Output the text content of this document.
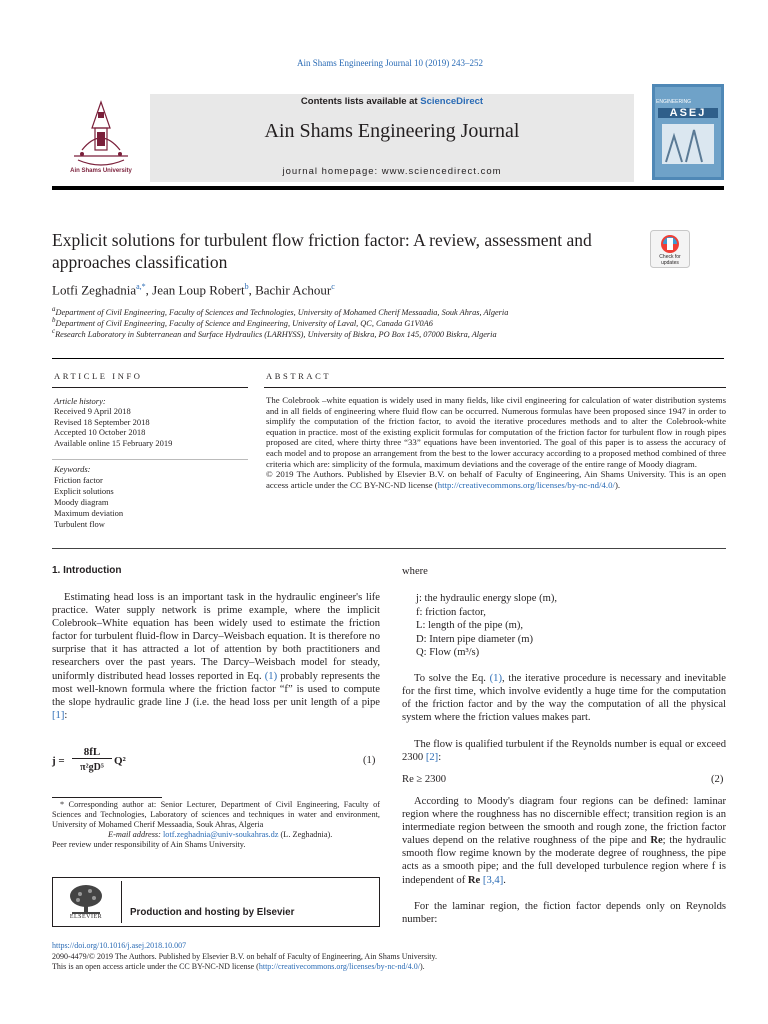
Ain Shams Engineering Journal 10 (2019) 243–252
Ain Shams University
Contents lists available at ScienceDirect
Ain Shams Engineering Journal
journal homepage: www.sciencedirect.com
ENGINEERING
ASEJ
Explicit solutions for turbulent flow friction factor: A review, assessment and approaches classification	Check for updates
Lotfi Zeghadnia$^{a,*}$, Jean Loup Robert$^b$, Bachir Achour$^c$
$^a$Department of Civil Engineering, Faculty of Sciences and Technologies, University of Mohamed Cherif Messaadia, Souk Ahras, Algeria
$^b$Department of Civil Engineering, Faculty of Science and Engineering, University of Laval, QC, Canada G1V0A6
$^c$Research Laboratory in Subterranean and Surface Hydraulics (LARHYSS), University of Biskra, PO Box 145, 07000 Biskra, Algeria
ARTICLE INFO
Article history:
Received 9 April 2018
Revised 18 September 2018
Accepted 10 October 2018
Available online 15 February 2019
Keywords:
Friction factor
Explicit solutions
Moody diagram
Maximum deviation
Turbulent flow
ABSTRACT
The Colebrook –white equation is widely used in many fields, like civil engineering for calculation of water distribution systems and in all fields of engineering where fluid flow can be occurred. Numerous formulas have been proposed since 1947 in order to simplify the computation of the friction factor, to avoid the iterative procedures methods and to alter the Colebrook-white equation in practice. most of the existing explicit formulas for computation of the friction factor for turbulent flow in rough pipes proposed are cited, where thirty three “33” equations have been inventoried. The goal of this paper is to assess the accuracy of each model and to propose an arrangement from the best to the lower accuracy according to a proposed method combined of three criteria which are: simplicity of the formula, maximum deviations and the coverage of the entire range of Moody diagram.
© 2019 The Authors. Published by Elsevier B.V. on behalf of Faculty of Engineering, Ain Shams University. This is an open access article under the CC BY-NC-ND license (http://creativecommons.org/licenses/by-nc-nd/4.0/).
1. Introduction
Estimating head loss is an important task in the hydraulic engineer's life practice. Water supply network is prime example, where the implicit Colebrook–White equation has been widely used to estimate the friction factor for turbulent fluid-flow in Darcy–Weisbach equation. It is therefore no surprise that it has attracted a lot of attention by both practitioners and researchers over the past years. The Darcy–Weisbach model for steady, uniformly distributed head losses reported in Eq. (1) probably represents the most well-known formula where the friction factor “f” is used to compute the slope hydraulic grade line J (i.e. the head loss per unit length of a pipe [1]:
j =
8fL
π²gD⁵
Q²	(1)
* Corresponding author at: Senior Lecturer, Department of Civil Engineering, Faculty of Sciences and Technologies, Laboratory of sciences and techniques in water and environment, University of Mohamed Cherif Messaadia, Souk Ahras, Algeria
E-mail address: lotf.zeghadnia@univ-soukahras.dz (L. Zeghadnia).
Peer review under responsibility of Ain Shams University.
ELSEVIER	Production and hosting by Elsevier
where
j: the hydraulic energy slope (m),
f: friction factor,
L: length of the pipe (m),
D: Intern pipe diameter (m)
Q: Flow (m³/s)
To solve the Eq. (1), the iterative procedure is necessary and inevitable for the first time, which involve evidently a huge time for the computation of the friction factor and by the way the computation of all the physical system where the friction values makes part.
The flow is qualified turbulent if the Reynolds number is equal or exceed 2300 [2]:
Re ≥ 2300	(2)
According to Moody's diagram four regions can be defined: laminar region where the roughness has no discernible effect; transition region is an intermediate region between the smooth and rough zone, the friction factor values depend on the relative roughness of the pipe and Re; the hydraulic smooth flow regime known by the moderate degree of roughness, the pipe acts as a smooth pipe; and the full developed turbulence region where f is independent of Re [3,4].
For the laminar region, the fiction factor depends only on Reynolds number:
https://doi.org/10.1016/j.asej.2018.10.007
2090-4479/© 2019 The Authors. Published by Elsevier B.V. on behalf of Faculty of Engineering, Ain Shams University.
This is an open access article under the CC BY-NC-ND license (http://creativecommons.org/licenses/by-nc-nd/4.0/).
